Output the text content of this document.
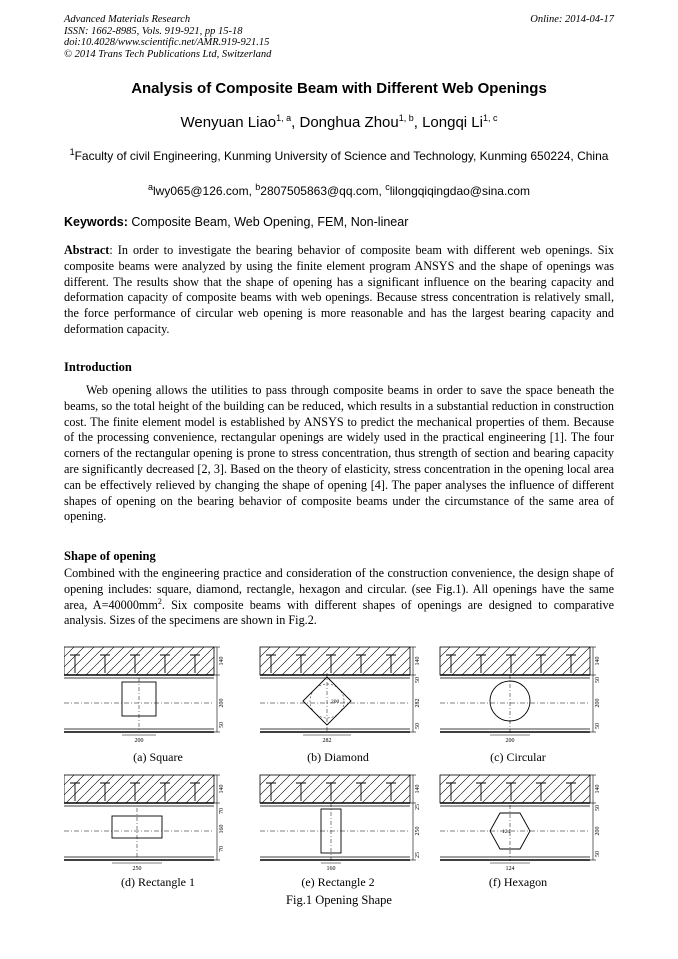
Advanced Materials Research
ISSN: 1662-8985, Vols. 919-921, pp 15-18
doi:10.4028/www.scientific.net/AMR.919-921.15
© 2014 Trans Tech Publications Ltd, Switzerland
Online: 2014-04-17
Analysis of Composite Beam with Different Web Openings
Wenyuan Liao$^{1, a}$, Donghua Zhou$^{1, b}$, Longqi Li$^{1, c}$
$^1$Faculty of civil Engineering, Kunming University of Science and Technology, Kunming 650224, China
$^a$lwy065@126.com, $^b$2807505863@qq.com, $^c$lilongqiqingdao@sina.com
Keywords: Composite Beam, Web Opening, FEM, Non-linear
Abstract: In order to investigate the bearing behavior of composite beam with different web openings. Six composite beams were analyzed by using the finite element program ANSYS and the shape of openings was different. The results show that the shape of opening has a significant influence on the bearing capacity and deformation capacity of composite beams with web openings. Because stress concentration is relatively small, the force performance of circular web opening is more reasonable and has the largest bearing capacity and deformation capacity.
Introduction
Web opening allows the utilities to pass through composite beams in order to save the space beneath the beams, so the total height of the building can be reduced, which results in a substantial reduction in construction cost. The finite element model is established by ANSYS to predict the mechanical properties of them. Because of the processing convenience, rectangular openings are widely used in the practical engineering [1]. The four corners of the rectangular opening is prone to stress concentration, thus strength of section and bearing capacity are significantly decreased [2, 3]. Based on the theory of elasticity, stress concentration in the opening local area can be effectively relieved by changing the shape of opening [4]. The paper analyses the influence of different shapes of opening on the bearing behavior of composite beams under the circumstance of the same area of opening.
Shape of opening
Combined with the engineering practice and consideration of the construction convenience, the design shape of opening includes: square, diamond, rectangle, hexagon and circular. (see Fig.1). All openings have the same area, $A=40000mm^2$. Six composite beams with different shapes of openings are designed to comparative analysis. Sizes of the specimens are shown in Fig.2.
140
200
50
200
200
140
50
282
50
282
140
50
200
50
200
140
70
160
70
250
140
25
250
25
160
124
140
50
200
50
124
(a) Square	(b) Diamond	(c) Circular
(d) Rectangle 1	(e) Rectangle 2	(f) Hexagon
Fig.1 Opening Shape
